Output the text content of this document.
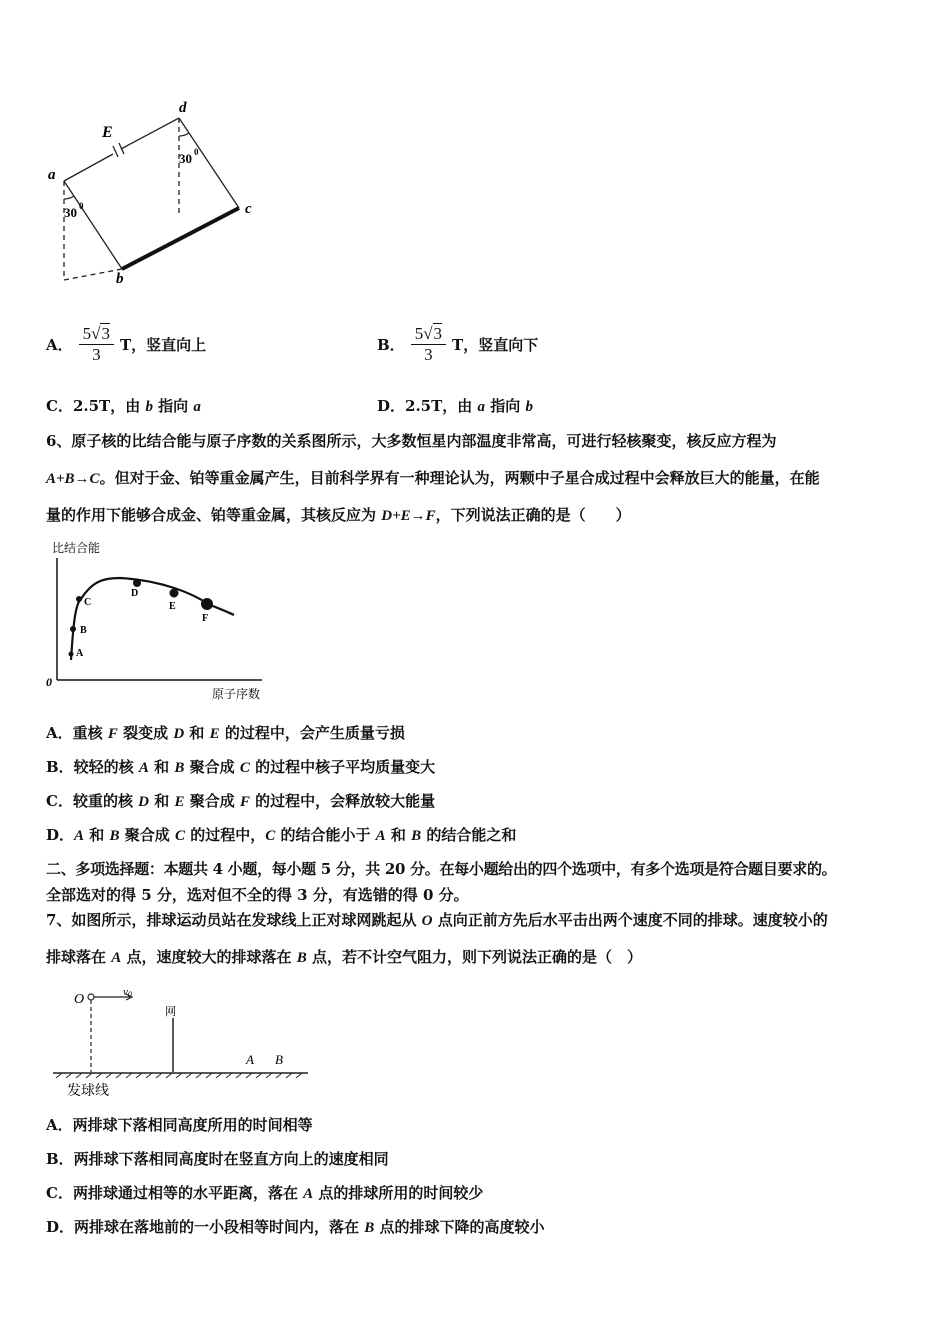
a
b
c
d
E
30 0
30 0
A． $\frac{5√3}{3}$ T，竖直向上	B． $\frac{5√3}{3}$ T，竖直向下
C．2.5T，由 b 指向 a	D．2.5T，由 a 指向 b
6、原子核的比结合能与原子序数的关系图所示，大多数恒星内部温度非常高，可进行轻核聚变，核反应方程为
A+B→C。但对于金、铂等重金属产生，目前科学界有一种理论认为，两颗中子星合成过程中会释放巨大的能量，在能
量的作用下能够合成金、铂等重金属，其核反应为 D+E→F，下列说法正确的是（　　）
比结合能
0
原子序数
A
B
C
D
E
F
A．重核 F 裂变成 D 和 E 的过程中，会产生质量亏损
B．较轻的核 A 和 B 聚合成 C 的过程中核子平均质量变大
C．较重的核 D 和 E 聚合成 F 的过程中，会释放较大能量
D．A 和 B 聚合成 C 的过程中，C 的结合能小于 A 和 B 的结合能之和
二、多项选择题：本题共 4 小题，每小题 5 分，共 20 分。在每小题给出的四个选项中，有多个选项是符合题目要求的。
全部选对的得 5 分，选对但不全的得 3 分，有选错的得 0 分。
7、如图所示，排球运动员站在发球线上正对球网跳起从 O 点向正前方先后水平击出两个速度不同的排球。速度较小的
排球落在 A 点，速度较大的排球落在 B 点，若不计空气阻力，则下列说法正确的是（　）
O	v0
网
A B
发球线
A．两排球下落相同高度所用的时间相等
B．两排球下落相同高度时在竖直方向上的速度相同
C．两排球通过相等的水平距离，落在 A 点的排球所用的时间较少
D．两排球在落地前的一小段相等时间内，落在 B 点的排球下降的高度较小
